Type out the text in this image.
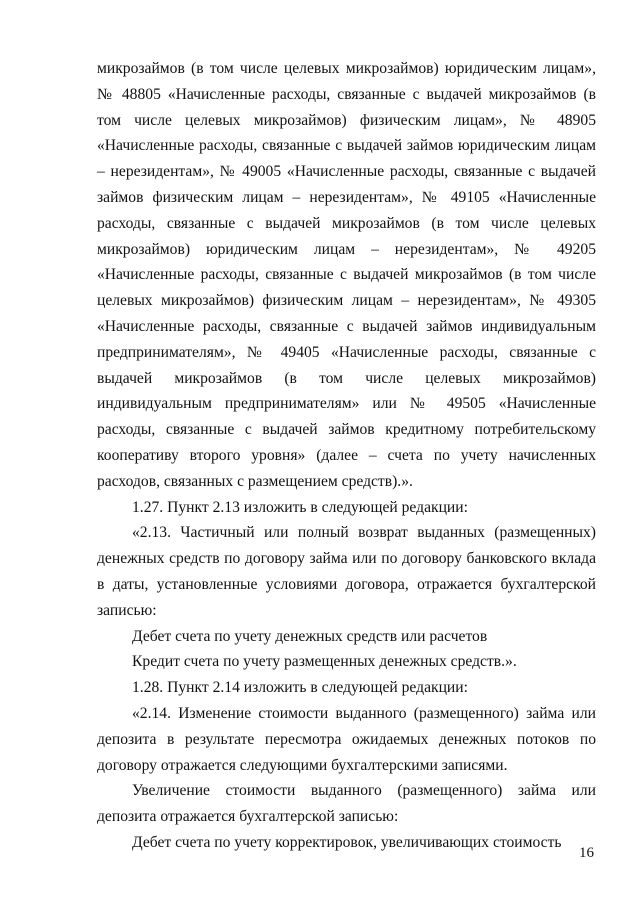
микрозаймов (в том числе целевых микрозаймов) юридическим лицам», № 48805 «Начисленные расходы, связанные с выдачей микрозаймов (в том числе целевых микрозаймов) физическим лицам», № 48905 «Начисленные расходы, связанные с выдачей займов юридическим лицам – нерезидентам», № 49005 «Начисленные расходы, связанные с выдачей займов физическим лицам – нерезидентам», № 49105 «Начисленные расходы, связанные с выдачей микрозаймов (в том числе целевых микрозаймов) юридическим лицам – нерезидентам», № 49205 «Начисленные расходы, связанные с выдачей микрозаймов (в том числе целевых микрозаймов) физическим лицам – нерезидентам», № 49305 «Начисленные расходы, связанные с выдачей займов индивидуальным предпринимателям», № 49405 «Начисленные расходы, связанные с выдачей микрозаймов (в том числе целевых микрозаймов) индивидуальным предпринимателям» или № 49505 «Начисленные расходы, связанные с выдачей займов кредитному потребительскому кооперативу второго уровня» (далее – счета по учету начисленных расходов, связанных с размещением средств).».

1.27. Пункт 2.13 изложить в следующей редакции:

«2.13. Частичный или полный возврат выданных (размещенных) денежных средств по договору займа или по договору банковского вклада в даты, установленные условиями договора, отражается бухгалтерской записью:

Дебет счета по учету денежных средств или расчетов

Кредит счета по учету размещенных денежных средств.».

1.28. Пункт 2.14 изложить в следующей редакции:

«2.14. Изменение стоимости выданного (размещенного) займа или депозита в результате пересмотра ожидаемых денежных потоков по договору отражается следующими бухгалтерскими записями.

Увеличение стоимости выданного (размещенного) займа или депозита отражается бухгалтерской записью:

Дебет счета по учету корректировок, увеличивающих стоимость

16
